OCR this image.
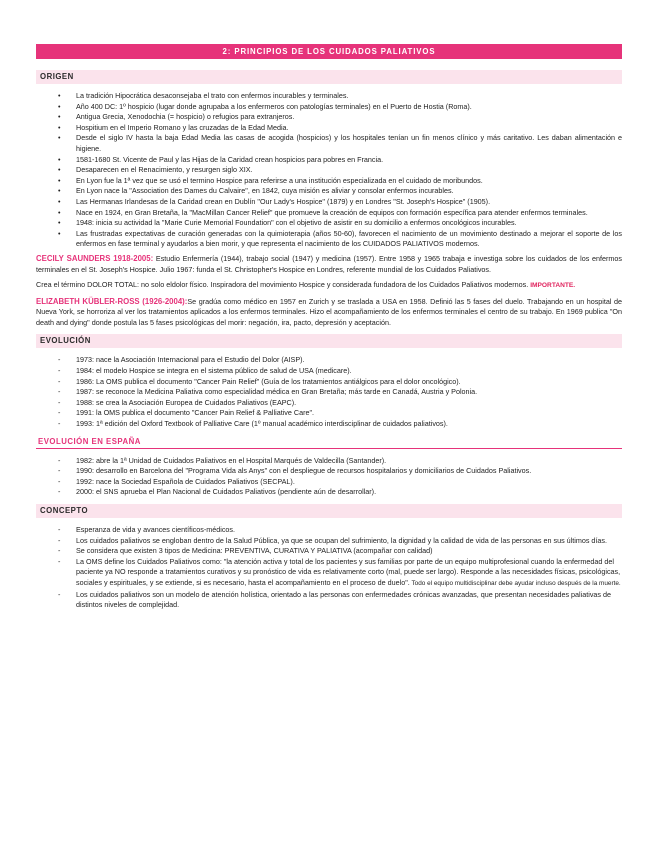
2: PRINCIPIOS DE LOS CUIDADOS PALIATIVOS
ORIGEN
• La tradición Hipocrática desaconsejaba el trato con enfermos incurables y terminales.
• Año 400 DC: 1º hospicio (lugar donde agrupaba a los enfermeros con patologías terminales) en el Puerto de Hostia (Roma).
• Antigua Grecia, Xenodochia (= hospicio) o refugios para extranjeros.
• Hospitium en el Imperio Romano y las cruzadas de la Edad Media.
• Desde el siglo IV hasta la baja Edad Media las casas de acogida (hospicios) y los hospitales tenían un fin menos clínico y más caritativo. Les daban alimentación e higiene.
• 1581-1680 St. Vicente de Paul y las Hijas de la Caridad crean hospicios para pobres en Francia.
• Desaparecen en el Renacimiento, y resurgen siglo XIX.
• En Lyon fue la 1ª vez que se usó el termino Hospice para referirse a una institución especializada en el cuidado de moribundos.
• En Lyon nace la "Association des Dames du Calvaire", en 1842, cuya misión es aliviar y consolar enfermos incurables.
• Las Hermanas Irlandesas de la Caridad crean en Dublín "Our Lady's Hospice" (1879) y en Londres "St. Joseph's Hospice" (1905).
• Nace en 1924, en Gran Bretaña, la "MacMillan Cancer Relief" que promueve la creación de equipos con formación específica para atender enfermos terminales.
• 1948: inicia su actividad la "Marie Curie Memorial Foundation" con el objetivo de asistir en su domicilio a enfermos oncológicos incurables.
• Las frustradas expectativas de curación generadas con la quimioterapia (años 50-60), favorecen el nacimiento de un movimiento destinado a mejorar el soporte de los enfermos en fase terminal y ayudarlos a bien morir, y que representa el nacimiento de los CUIDADOS PALIATIVOS modernos.

CECILY SAUNDERS 1918-2005: Estudio Enfermería (1944), trabajo social (1947) y medicina (1957). Entre 1958 y 1965 trabaja e investiga sobre los cuidados de los enfermos terminales en el St. Joseph's Hospice. Julio 1967: funda el St. Christopher's Hospice en Londres, referente mundial de los Cuidados Paliativos.

Crea el término DOLOR TOTAL: no solo eldolor físico. Inspiradora del movimiento Hospice y considerada fundadora de los Cuidados Paliativos modernos. IMPORTANTE.

ELIZABETH KÜBLER-ROSS (1926-2004):Se gradúa como médico en 1957 en Zurich y se traslada a USA en 1958. Definió las 5 fases del duelo. Trabajando en un hospital de Nueva York, se horroriza al ver los tratamientos aplicados a los enfermos terminales. Hizo el acompañamiento de los enfermos terminales el centro de su trabajo. En 1969 publica "On death and dying" donde postula las 5 fases psicológicas del morir: negación, ira, pacto, depresión y aceptación.

EVOLUCIÓN
- 1973: nace la Asociación Internacional para el Estudio del Dolor (AISP).
- 1984: el modelo Hospice se integra en el sistema público de salud de USA (medicare).
- 1986: La OMS publica el documento "Cancer Pain Relief" (Guía de los tratamientos antiálgicos para el dolor oncológico).
- 1987: se reconoce la Medicina Paliativa como especialidad médica en Gran Bretaña; más tarde en Canadá, Austria y Polonia.
- 1988: se crea la Asociación Europea de Cuidados Paliativos (EAPC).
- 1991: la OMS publica el documento "Cancer Pain Relief & Palliative Care".
- 1993: 1ª edición del Oxford Textbook of Palliative Care (1º manual académico interdisciplinar de cuidados paliativos).
EVOLUCIÓN EN ESPAÑA
- 1982: abre la 1ª Unidad de Cuidados Paliativos en el Hospital Marqués de Valdecilla (Santander).
- 1990: desarrollo en Barcelona del "Programa Vida als Anys" con el despliegue de recursos hospitalarios y domiciliarios de Cuidados Paliativos.
- 1992: nace la Sociedad Española de Cuidados Paliativos (SECPAL).
- 2000: el SNS aprueba el Plan Nacional de Cuidados Paliativos (pendiente aún de desarrollar).
CONCEPTO
- Esperanza de vida y avances científicos-médicos.
- Los cuidados paliativos se engloban dentro de la Salud Pública, ya que se ocupan del sufrimiento, la dignidad y la calidad de vida de las personas en sus últimos días.
- Se considera que existen 3 tipos de Medicina: PREVENTIVA, CURATIVA Y PALIATIVA (acompañar con calidad)
- La OMS define los Cuidados Paliativos como: "la atención activa y total de los pacientes y sus familias por parte de un equipo multiprofesional cuando la enfermedad del paciente ya NO responde a tratamientos curativos y su pronóstico de vida es relativamente corto (mal, puede ser largo). Responde a las necesidades físicas, psicológicas, sociales y espirituales, y se extiende, si es necesario, hasta el acompañamiento en el proceso de duelo". Todo el equipo multidisciplinar debe ayudar incluso después de la muerte.
- Los cuidados paliativos son un modelo de atención holística, orientado a las personas con enfermedades crónicas avanzadas, que presentan necesidades paliativas de distintos niveles de complejidad.
